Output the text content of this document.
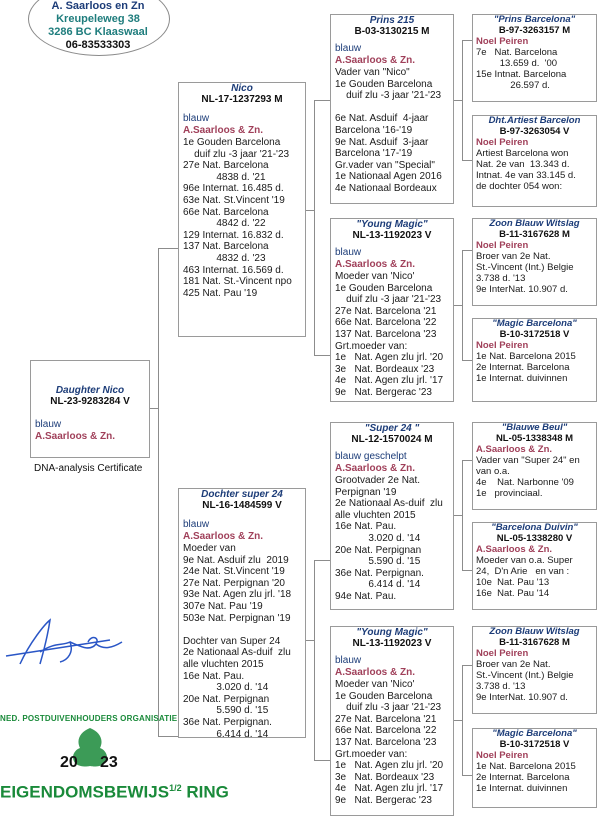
A. Saarloos en Zn
Kreupeleweg 38
3286 BC Klaaswaal
06-83533303
Daughter Nico
NL-23-9283284 V
blauw
A.Saarloos & Zn.
DNA-analysis Certificate
Nico
NL-17-1237293 M
blauw
A.Saarloos & Zn.
1e Gouden Barcelona
duif zlu -3 jaar '21-'23
27e Nat. Barcelona
4838 d. '21
96e Internat. 16.485 d.
63e Nat. St.Vincent '19
66e Nat. Barcelona
4842 d. '22
129 Internat. 16.832 d.
137 Nat. Barcelona
4832 d. '23
463 Internat. 16.569 d.
181 Nat. St.-Vincent npo
425 Nat. Pau '19
Dochter super 24
NL-16-1484599 V
blauw
A.Saarloos & Zn.
Moeder van
9e Nat. Asduif zlu  2019
24e Nat. St.Vincent '19
27e Nat. Perpignan '20
93e Nat. Agen zlu jrl. '18
307e Nat. Pau '19
503e Nat. Perpignan '19

Dochter van Super 24
2e Nationaal As-duif  zlu
alle vluchten 2015
16e Nat. Pau.
3.020 d. '14
20e Nat. Perpignan
5.590 d. '15
36e Nat. Perpignan.
6.414 d. '14
Prins 215
B-03-3130215 M
blauw
A.Saarloos & Zn.
Vader van "Nico"
1e Gouden Barcelona
duif zlu -3 jaar '21-'23

6e Nat. Asduif  4-jaar
Barcelona '16-'19
9e Nat. Asduif  3-jaar
Barcelona '17-'19
Gr.vader van "Special"
1e Nationaal Agen 2016
4e Nationaal Bordeaux
"Young Magic"
NL-13-1192023 V
blauw
A.Saarloos & Zn.
Moeder van 'Nico'
1e Gouden Barcelona
duif zlu -3 jaar '21-'23
27e Nat. Barcelona '21
66e Nat. Barcelona '22
137 Nat. Barcelona '23
Grt.moeder van:
1e   Nat. Agen zlu jrl. '20
3e   Nat. Bordeaux '23
4e   Nat. Agen zlu jrl. '17
9e   Nat. Bergerac '23
"Super 24 "
NL-12-1570024 M
blauw geschelpt
A.Saarloos & Zn.
Grootvader 2e Nat.
Perpignan '19
2e Nationaal As-duif  zlu
alle vluchten 2015
16e Nat. Pau.
3.020 d. '14
20e Nat. Perpignan
5.590 d. '15
36e Nat. Perpignan.
6.414 d. '14
94e Nat. Pau.
"Young Magic"
NL-13-1192023 V
blauw
A.Saarloos & Zn.
Moeder van 'Nico'
1e Gouden Barcelona
duif zlu -3 jaar '21-'23
27e Nat. Barcelona '21
66e Nat. Barcelona '22
137 Nat. Barcelona '23
Grt.moeder van:
1e   Nat. Agen zlu jrl. '20
3e   Nat. Bordeaux '23
4e   Nat. Agen zlu jrl. '17
9e   Nat. Bergerac '23
"Prins Barcelona"
B-97-3263157 M
Noel Peiren
7e   Nat. Barcelona
13.659 d.  '00
15e Intnat. Barcelona
26.597 d.
Dht.Artiest Barcelon
B-97-3263054 V
Noel Peiren
Artiest Barcelona won
Nat. 2e van  13.343 d.
Intnat. 4e van 33.145 d.
de dochter 054 won:
Zoon Blauw Witslag
B-11-3167628 M
Noel Peiren
Broer van 2e Nat.
St.-Vincent (Int.) Belgie
3.738 d. '13
9e InterNat. 10.907 d.
"Magic Barcelona"
B-10-3172518 V
Noel Peiren
1e Nat. Barcelona 2015
2e Internat. Barcelona
1e Internat. duivinnen
"Blauwe Beul"
NL-05-1338348 M
A.Saarloos & Zn.
Vader van "Super 24" en
van o.a.
4e    Nat. Narbonne '09
1e   provinciaal.
"Barcelona Duivin"
NL-05-1338280 V
A.Saarloos & Zn.
Moeder van o.a. Super
24,  D'n Arie   en van :
10e  Nat. Pau '13
16e  Nat. Pau '14
Zoon Blauw Witslag
B-11-3167628 M
Noel Peiren
Broer van 2e Nat.
St.-Vincent (Int.) Belgie
3.738 d. '13
9e InterNat. 10.907 d.
"Magic Barcelona"
B-10-3172518 V
Noel Peiren
1e Nat. Barcelona 2015
2e Internat. Barcelona
1e Internat. duivinnen
NED. POSTDUIVENHOUDERS ORGANISATIE
20 23
$EIGENDOMSBEWIJS^{1/2}$ RING
